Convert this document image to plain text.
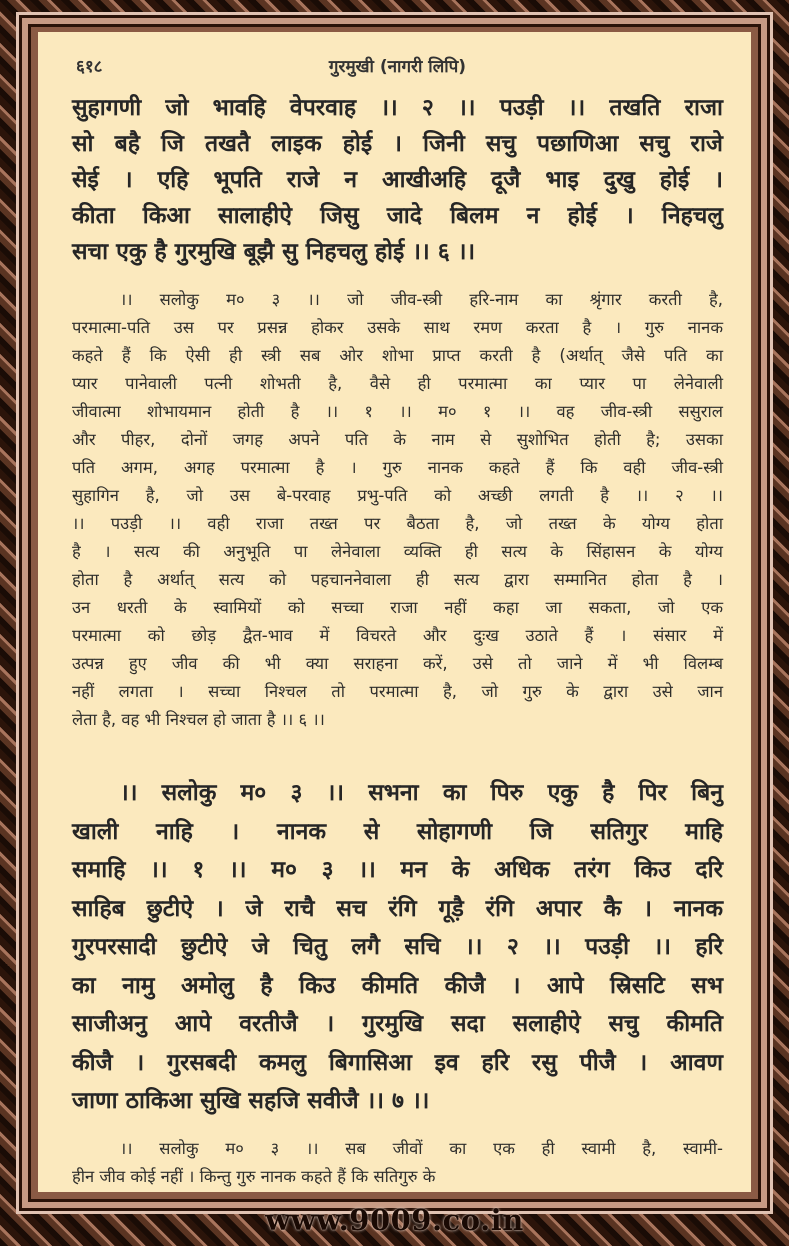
६१८	गुरमुखी (नागरी लिपि)
सुहागणी जो भावहि वेपरवाह ।। २ ।। पउड़ी ।। तखति राजा
सो बहै जि तखतै लाइक होई । जिनी सचु पछाणिआ सचु राजे
सेई । एहि भूपति राजे न आखीअहि दूजै भाइ दुखु होई ।
कीता किआ सालाहीऐ जिसु जादे बिलम न होई । निहचलु
सचा एकु है गुरमुखि बूझै सु निहचलु होई ।। ६ ।।
।। सलोकु म० ३ ।। जो जीव-स्त्री हरि-नाम का श्रृंगार करती है,
परमात्मा-पति उस पर प्रसन्न होकर उसके साथ रमण करता है । गुरु नानक
कहते हैं कि ऐसी ही स्त्री सब ओर शोभा प्राप्त करती है (अर्थात् जैसे पति का
प्यार पानेवाली पत्नी शोभती है, वैसे ही परमात्मा का प्यार पा लेनेवाली
जीवात्मा शोभायमान होती है ।। १ ।। म० १ ।। वह जीव-स्त्री ससुराल
और पीहर, दोनों जगह अपने पति के नाम से सुशोभित होती है; उसका
पति अगम, अगह परमात्मा है । गुरु नानक कहते हैं कि वही जीव-स्त्री
सुहागिन है, जो उस बे-परवाह प्रभु-पति को अच्छी लगती है ।। २ ।।
।। पउड़ी ।। वही राजा तख्त पर बैठता है, जो तख्त के योग्य होता
है । सत्य की अनुभूति पा लेनेवाला व्यक्ति ही सत्य के सिंहासन के योग्य
होता है अर्थात् सत्य को पहचाननेवाला ही सत्य द्वारा सम्मानित होता है ।
उन धरती के स्वामियों को सच्चा राजा नहीं कहा जा सकता, जो एक
परमात्मा को छोड़ द्वैत-भाव में विचरते और दुःख उठाते हैं । संसार में
उत्पन्न हुए जीव की भी क्या सराहना करें, उसे तो जाने में भी विलम्ब
नहीं लगता । सच्चा निश्चल तो परमात्मा है, जो गुरु के द्वारा उसे जान
लेता है, वह भी निश्चल हो जाता है ।। ६ ।।
।। सलोकु म० ३ ।। सभना का पिरु एकु है पिर बिनु
खाली नाहि । नानक से सोहागणी जि सतिगुर माहि
समाहि ।। १ ।। म० ३ ।। मन के अधिक तरंग किउ दरि
साहिब छुटीऐ । जे राचै सच रंगि गूड़ै रंगि अपार कै । नानक
गुरपरसादी छुटीऐ जे चितु लगै सचि ।। २ ।। पउड़ी ।। हरि
का नामु अमोलु है किउ कीमति कीजै । आपे स्रिसटि सभ
साजीअनु आपे वरतीजै । गुरमुखि सदा सलाहीऐ सचु कीमति
कीजै । गुरसबदी कमलु बिगासिआ इव हरि रसु पीजै । आवण
जाणा ठाकिआ सुखि सहजि सवीजै ।। ७ ।।
।। सलोकु म० ३ ।। सब जीवों का एक ही स्वामी है, स्वामी-
हीन जीव कोई नहीं । किन्तु गुरु नानक कहते हैं कि सतिगुरु के
www.9009.co.in
